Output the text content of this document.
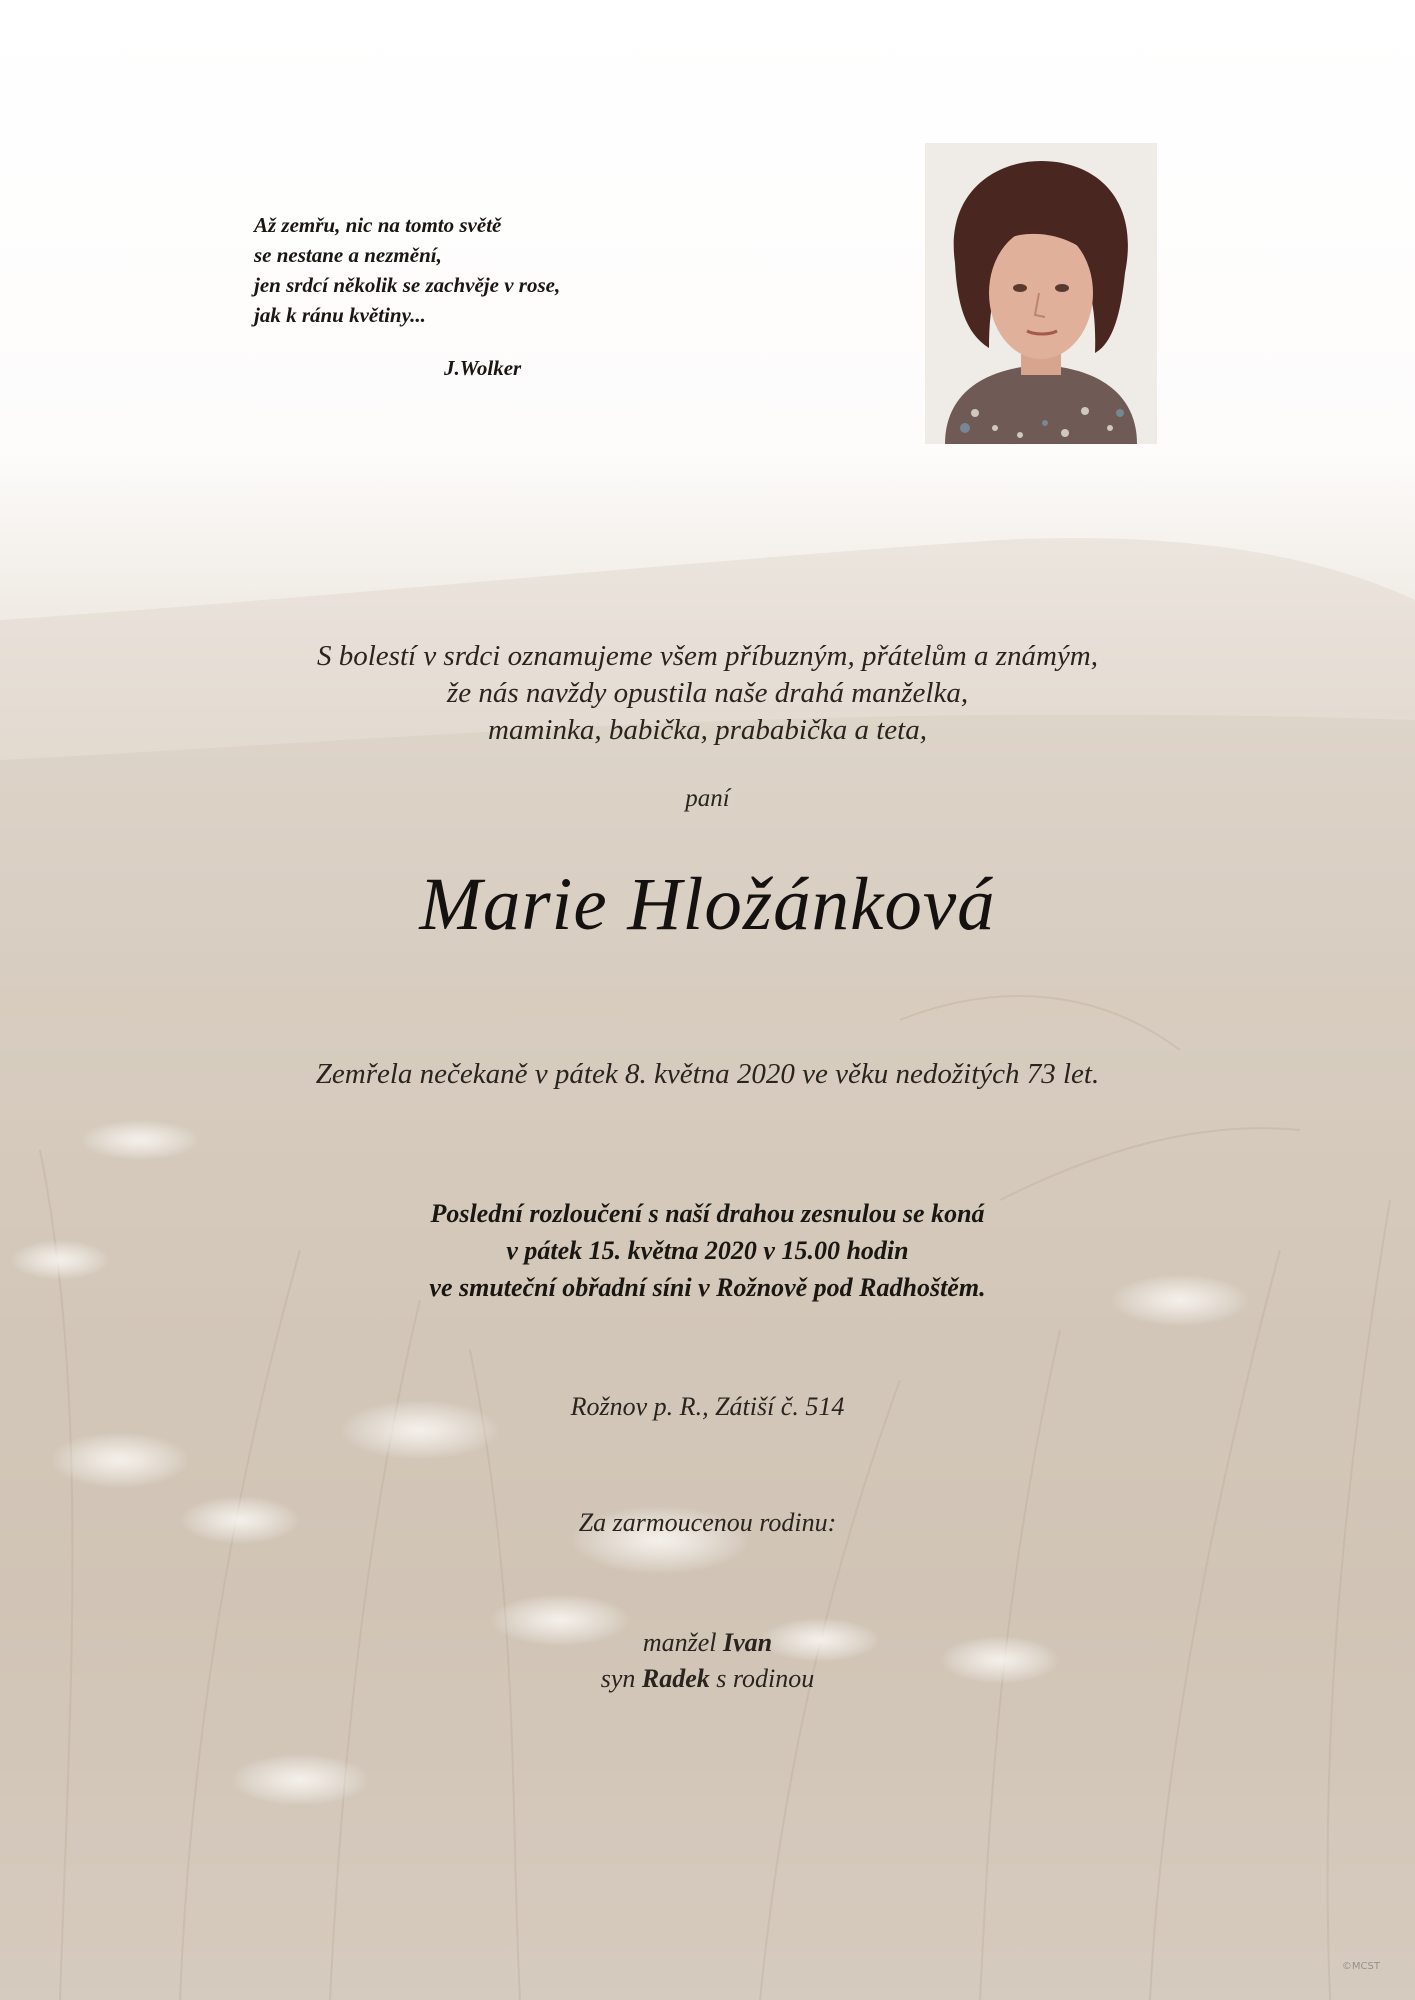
Až zemřu, nic na tomto světě
se nestane a nezmění,
jen srdcí několik se zachvěje v rose,
jak k ránu květiny...
J.Wolker
S bolestí v srdci oznamujeme všem příbuzným, přátelům a známým,
že nás navždy opustila naše drahá manželka,
maminka, babička, prababička a teta,
paní
Marie Hložánková
Zemřela nečekaně v pátek 8. května 2020 ve věku nedožitých 73 let.
Poslední rozloučení s naší drahou zesnulou se koná
v pátek 15. května 2020 v 15.00 hodin
ve smuteční obřadní síni v Rožnově pod Radhoštěm.
Rožnov p. R., Zátiší č. 514
Za zarmoucenou rodinu:
manžel Ivan
syn Radek s rodinou
©MCST
